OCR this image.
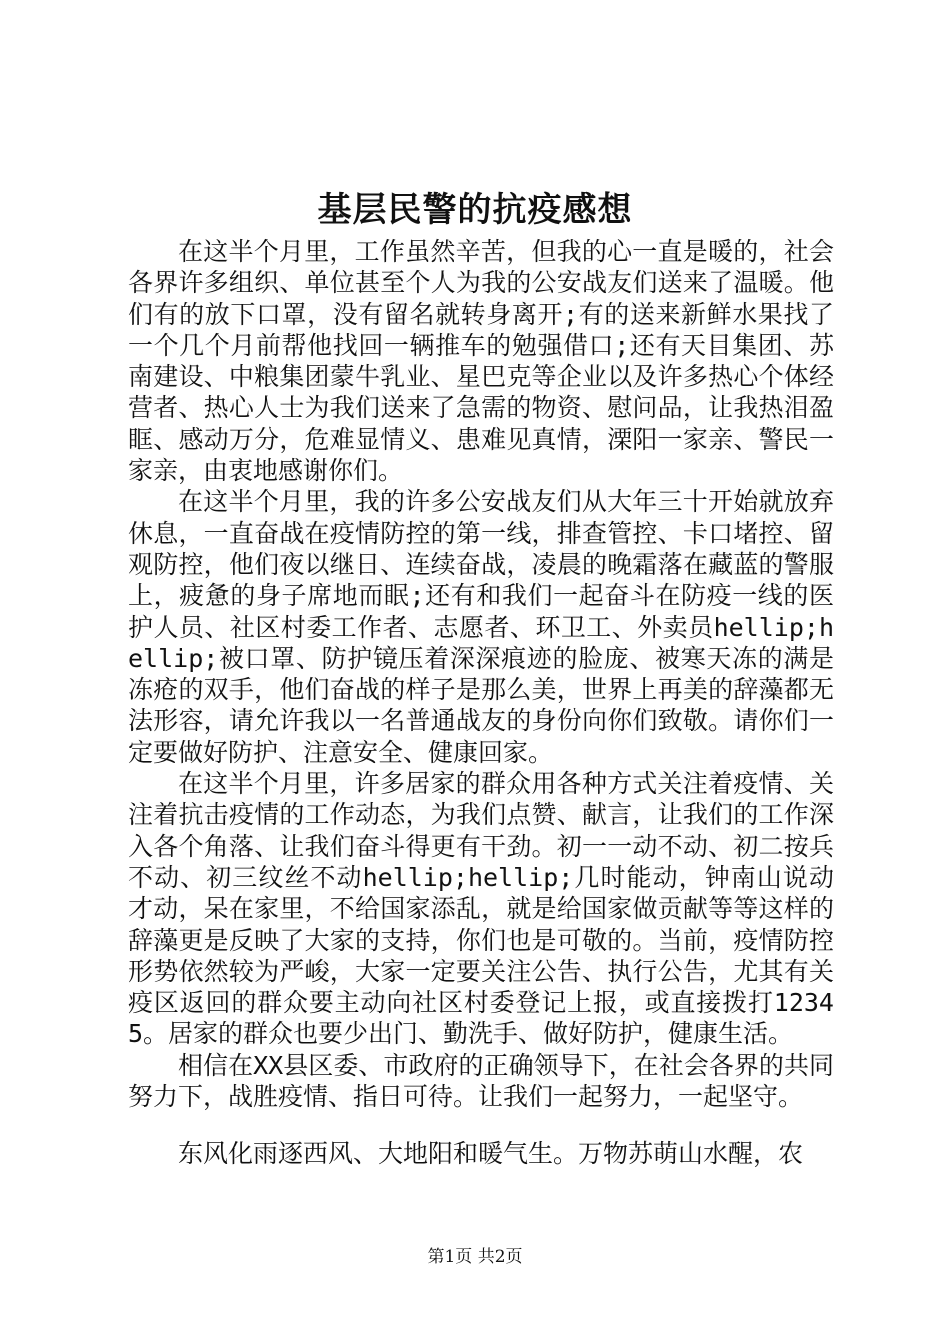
基层民警的抗疫感想

在这半个月里，工作虽然辛苦，但我的心一直是暖的，社会各界许多组织、单位甚至个人为我的公安战友们送来了温暖。他们有的放下口罩，没有留名就转身离开;有的送来新鲜水果找了一个几个月前帮他找回一辆推车的勉强借口;还有天目集团、苏南建设、中粮集团蒙牛乳业、星巴克等企业以及许多热心个体经营者、热心人士为我们送来了急需的物资、慰问品，让我热泪盈眶、感动万分，危难显情义、患难见真情，溧阳一家亲、警民一家亲，由衷地感谢你们。

在这半个月里，我的许多公安战友们从大年三十开始就放弃休息，一直奋战在疫情防控的第一线，排查管控、卡口堵控、留观防控，他们夜以继日、连续奋战，凌晨的晚霜落在藏蓝的警服上，疲惫的身子席地而眠;还有和我们一起奋斗在防疫一线的医护人员、社区村委工作者、志愿者、环卫工、外卖员hellip;hellip;被口罩、防护镜压着深深痕迹的脸庞、被寒天冻的满是冻疮的双手，他们奋战的样子是那么美，世界上再美的辞藻都无法形容，请允许我以一名普通战友的身份向你们致敬。请你们一定要做好防护、注意安全、健康回家。

在这半个月里，许多居家的群众用各种方式关注着疫情、关注着抗击疫情的工作动态，为我们点赞、献言，让我们的工作深入各个角落、让我们奋斗得更有干劲。初一一动不动、初二按兵不动、初三纹丝不动hellip;hellip;几时能动，钟南山说动才动，呆在家里，不给国家添乱，就是给国家做贡献等等这样的辞藻更是反映了大家的支持，你们也是可敬的。当前，疫情防控形势依然较为严峻，大家一定要关注公告、执行公告，尤其有关疫区返回的群众要主动向社区村委登记上报，或直接拨打12345。居家的群众也要少出门、勤洗手、做好防护，健康生活。

相信在XX县区委、市政府的正确领导下，在社会各界的共同努力下，战胜疫情、指日可待。让我们一起努力，一起坚守。

东风化雨逐西风、大地阳和暖气生。万物苏萌山水醒，农

第1页 共2页
